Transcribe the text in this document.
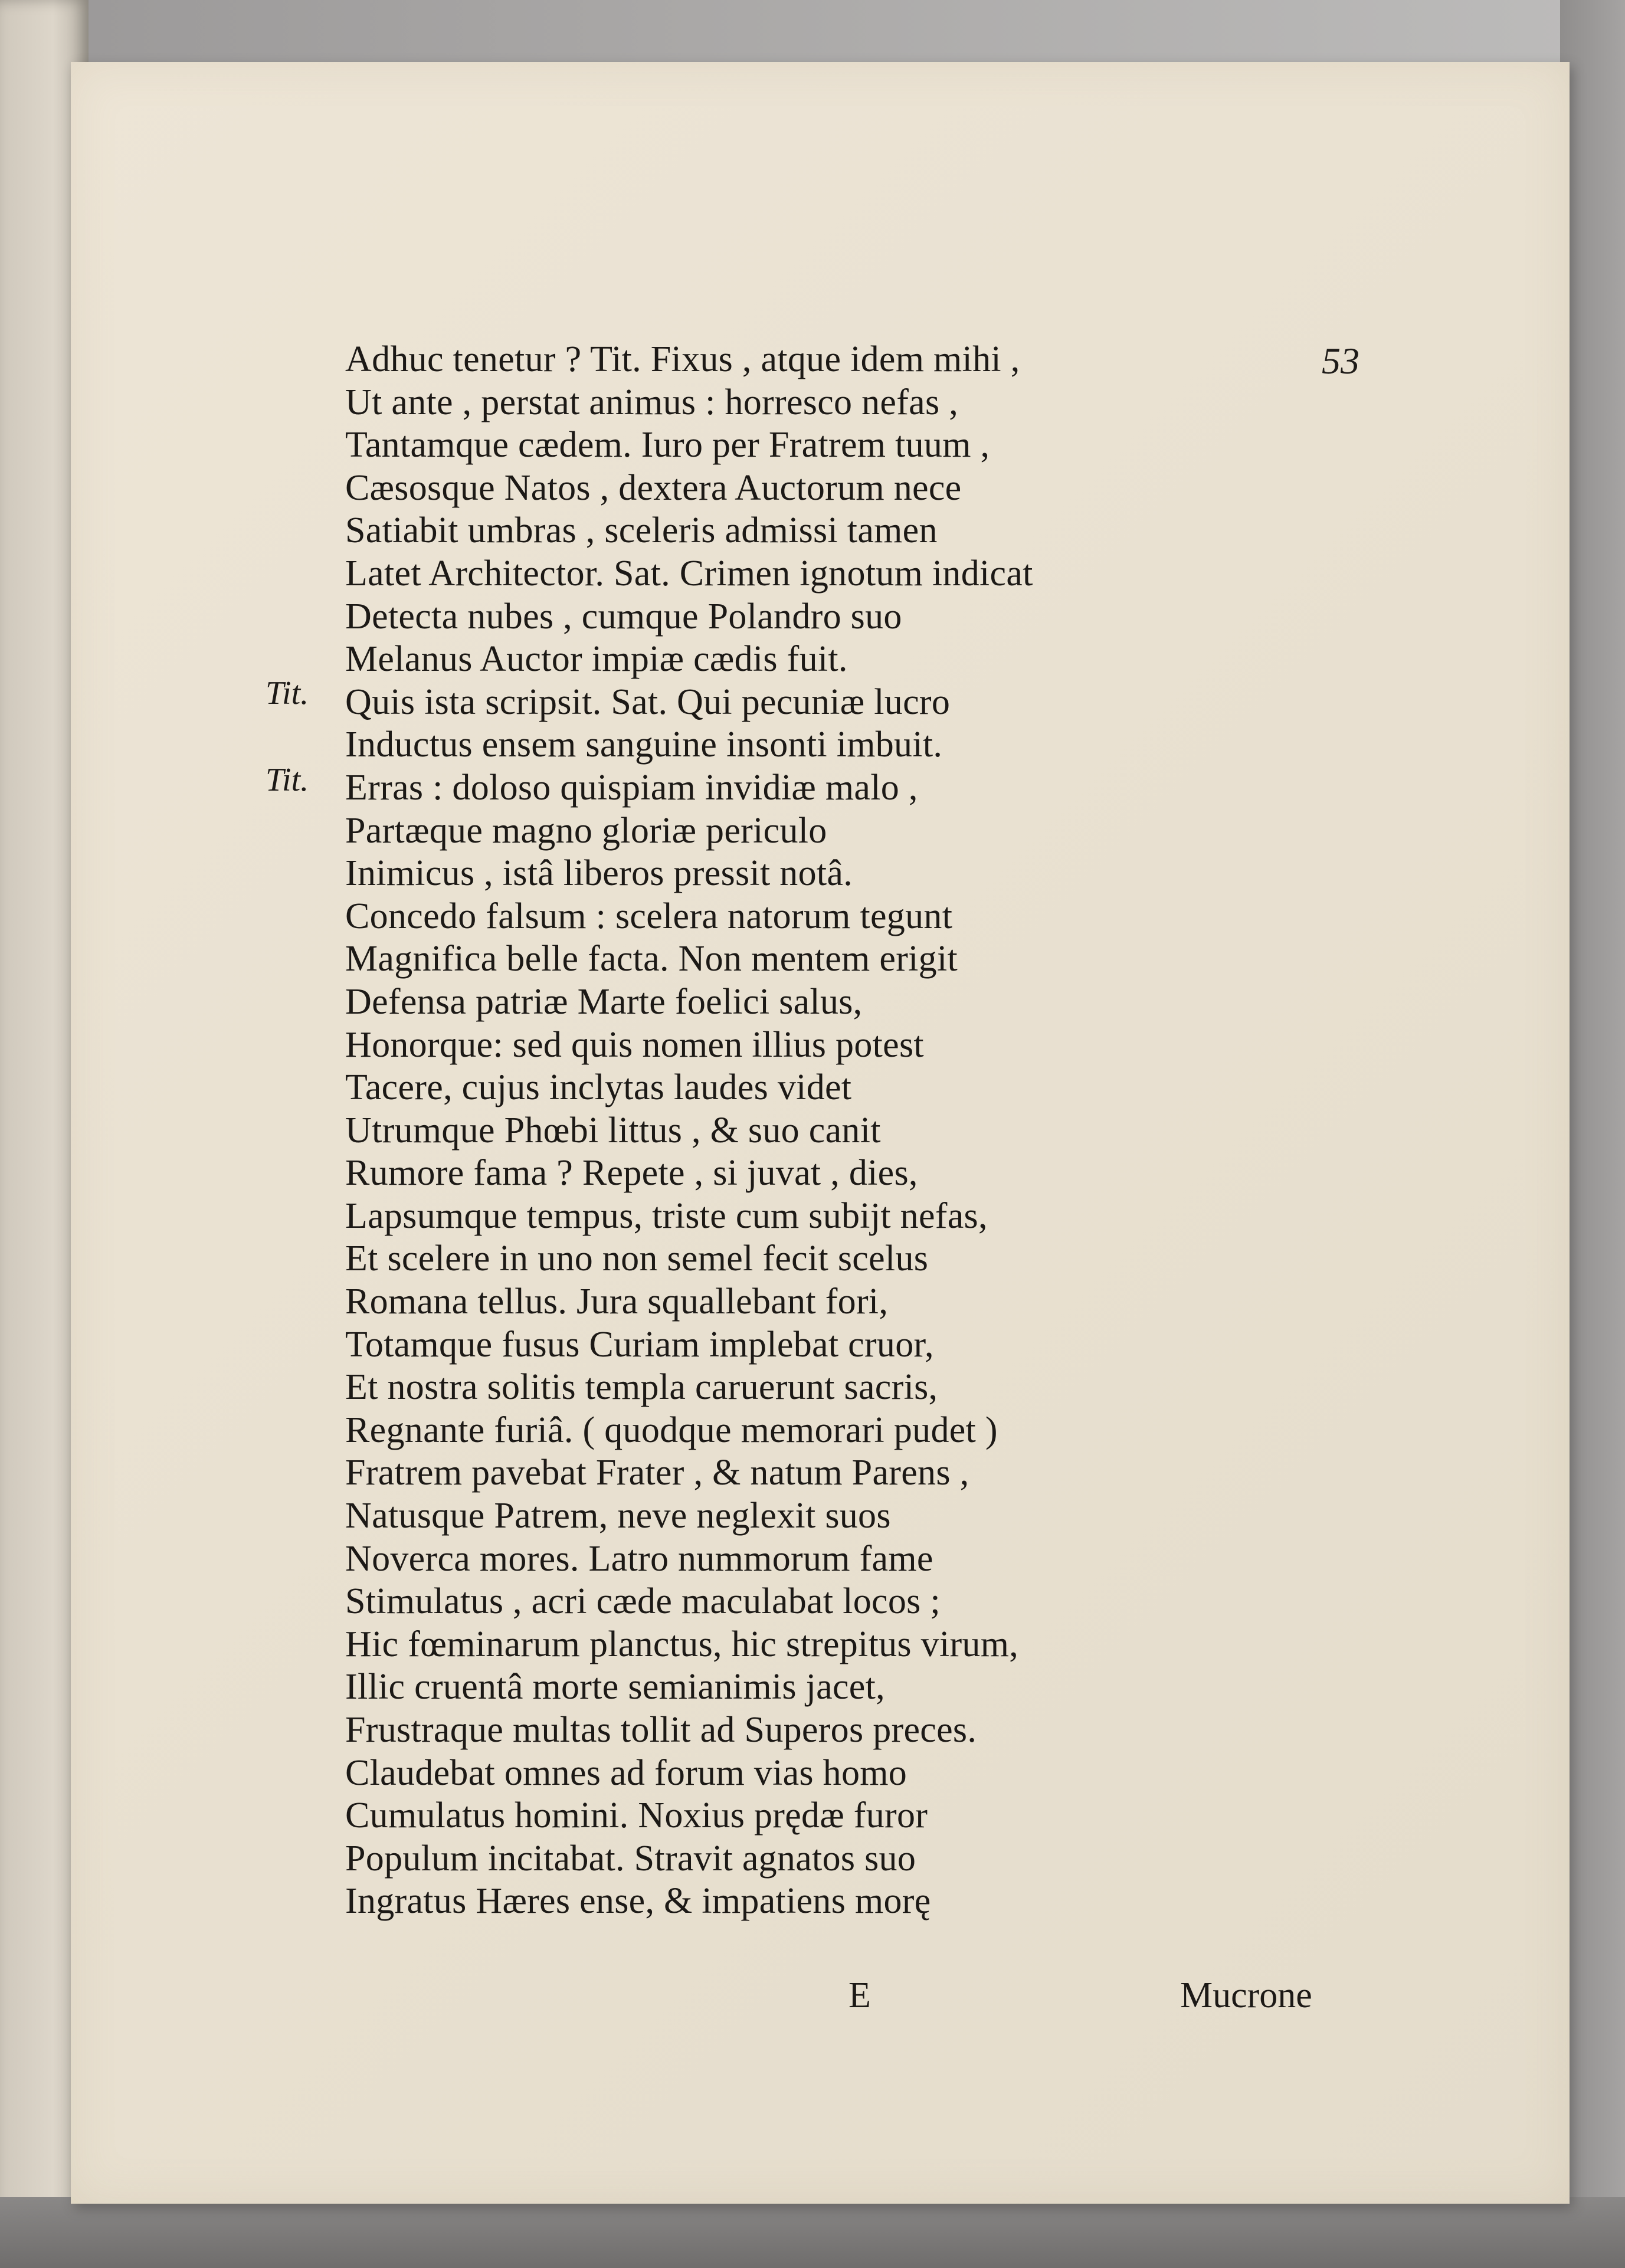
53
Tit.
Tit.
Adhuc tenetur ? Tit. Fixus , atque idem mihi ,
Ut ante , perstat animus : horresco nefas ,
Tantamque cædem. Iuro per Fratrem tuum ,
Cæsosque Natos , dextera Auctorum nece
Satiabit umbras , sceleris admissi tamen
Latet Architector. Sat. Crimen ignotum indicat
Detecta nubes , cumque Polandro suo
Melanus Auctor impiæ cædis fuit.
Quis ista scripsit. Sat. Qui pecuniæ lucro
Inductus ensem sanguine insonti imbuit.
Erras : doloso quispiam invidiæ malo ,
Partæque magno gloriæ periculo
Inimicus , istâ liberos pressit notâ.
Concedo falsum : scelera natorum tegunt
Magnifica belle facta. Non mentem erigit
Defensa patriæ Marte foelici salus,
Honorque: sed quis nomen illius potest
Tacere, cujus inclytas laudes videt
Utrumque Phœbi littus , & suo canit
Rumore fama ? Repete , si juvat , dies,
Lapsumque tempus, triste cum subijt nefas,
Et scelere in uno non semel fecit scelus
Romana tellus. Jura squallebant fori,
Totamque fusus Curiam implebat cruor,
Et nostra solitis templa caruerunt sacris,
Regnante furiâ. ( quodque memorari pudet )
Fratrem pavebat Frater , & natum Parens ,
Natusque Patrem, neve neglexit suos
Noverca mores. Latro nummorum fame
Stimulatus , acri cæde maculabat locos ;
Hic fœminarum planctus, hic strepitus virum,
Illic cruentâ morte semianimis jacet,
Frustraque multas tollit ad Superos preces.
Claudebat omnes ad forum vias homo
Cumulatus homini. Noxius prędæ furor
Populum incitabat. Stravit agnatos suo
Ingratus Hæres ense, & impatiens morę
E	Mucrone
